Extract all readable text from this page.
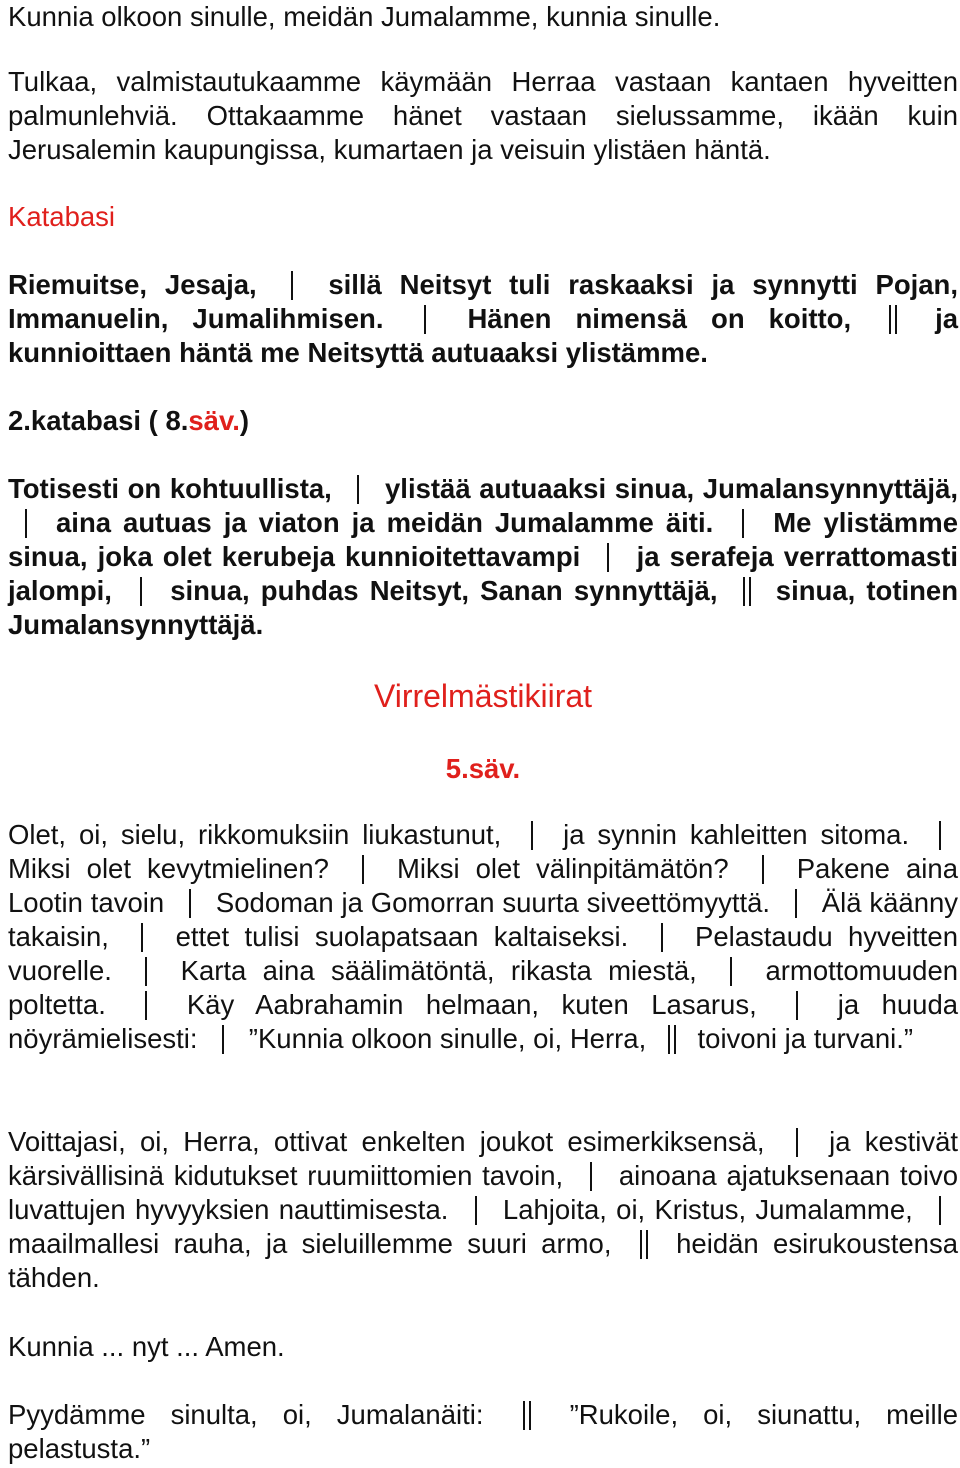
Kunnia olkoon sinulle, meidän Jumalamme, kunnia sinulle.

Tulkaa, valmistautukaamme käymään Herraa vastaan kantaen hyveitten palmunlehviä. Ottakaamme hänet vastaan sielussamme, ikään kuin Jerusalemin kaupungissa, kumartaen ja veisuin ylistäen häntä.

Katabasi

Riemuitse, Jesaja,	sillä Neitsyt tuli raskaaksi ja synnytti Pojan, Immanuelin, Jumalihmisen.	Hänen nimensä on koitto,	ja kunnioittaen häntä me Neitsyttä autuaaksi ylistämme.

2.katabasi ( 8.säv.)

Totisesti on kohtuullista, ylistää autuaaksi sinua, Jumalansynnyttäjä,  aina autuas ja viaton ja meidän Jumalamme äiti. Me ylistämme sinua, joka olet kerubeja kunnioitettavampi ja serafeja verrattomasti jalompi, sinua, puhdas Neitsyt, Sanan synnyttäjä, sinua, totinen Jumalansynnyttäjä.

Virrelmästikiirat

5.säv.

Olet, oi, sielu, rikkomuksiin liukastunut, ja synnin kahleitten sitoma.  Miksi olet kevytmielinen? Miksi olet välinpitämätön? Pakene aina Lootin tavoin Sodoman ja Gomorran suurta siveettömyyttä. Älä käänny takaisin, ettet tulisi suolapatsaan kaltaiseksi. Pelastaudu hyveitten vuorelle. Karta aina säälimätöntä, rikasta miestä, armottomuuden poltetta.	Käy Aabrahamin helmaan, kuten Lasarus,	ja huuda nöyrämielisesti: ”Kunnia olkoon sinulle, oi, Herra, toivoni ja turvani.”

Voittajasi, oi, Herra, ottivat enkelten joukot esimerkiksensä, ja kestivät kärsivällisinä kidutukset ruumiittomien tavoin, ainoana ajatuksenaan toivo luvattujen hyvyyksien nauttimisesta. Lahjoita, oi, Kristus, Jumalamme,  maailmallesi rauha, ja sieluillemme suuri armo, heidän esirukoustensa tähden.

Kunnia ... nyt ... Amen.

Pyydämme sinulta, oi, Jumalanäiti:	”Rukoile, oi, siunattu, meille pelastusta.”
